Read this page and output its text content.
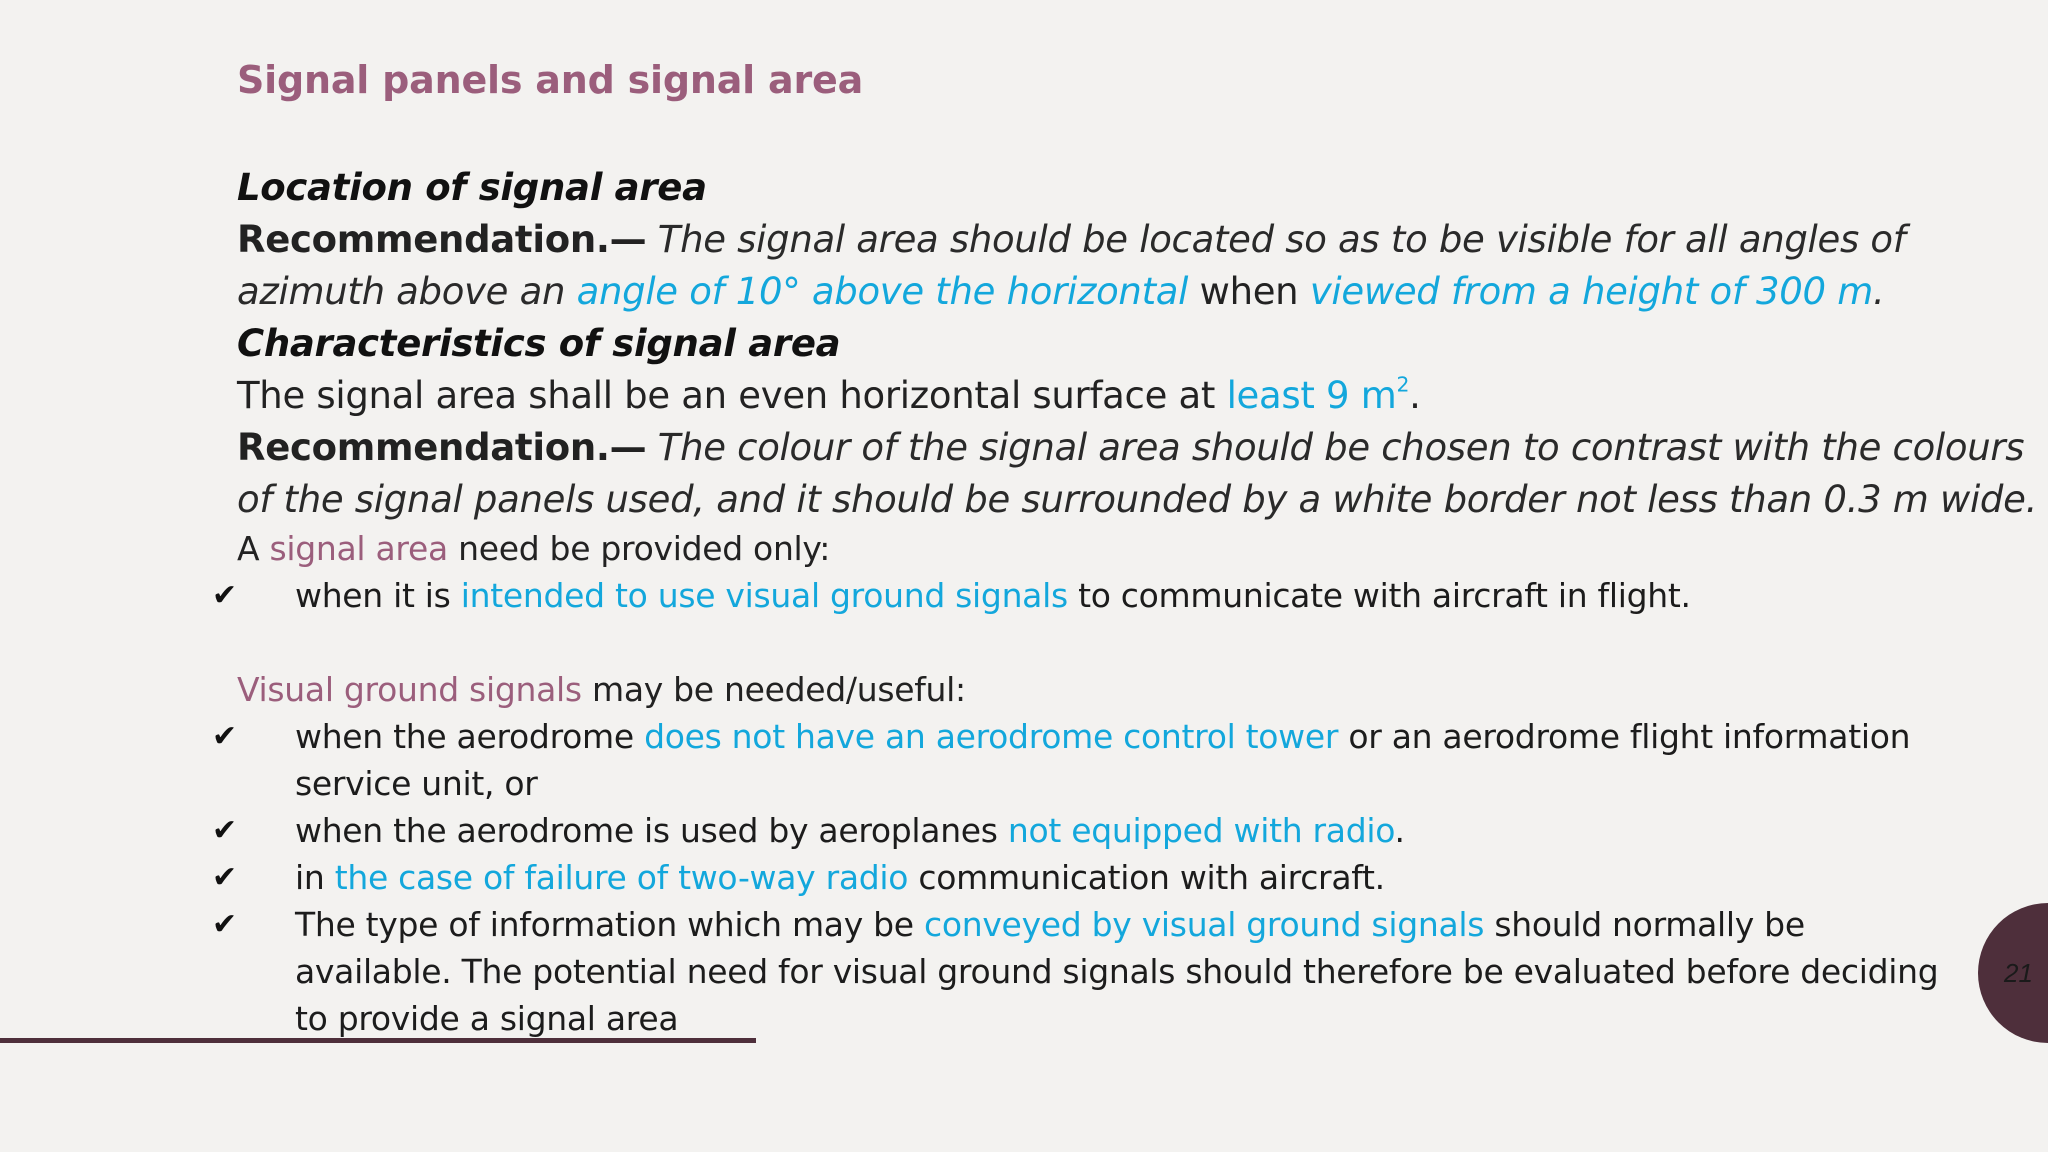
Signal panels and signal area
Location of signal area
Recommendation.— The signal area should be located so as to be visible for all angles of
azimuth above an angle of 10° above the horizontal when viewed from a height of 300 m.
Characteristics of signal area
The signal area shall be an even horizontal surface at least 9 $m^2$.
Recommendation.— The colour of the signal area should be chosen to contrast with the colours
of the signal panels used, and it should be surrounded by a white border not less than 0.3 m wide.
A signal area need be provided only:
✔ when it is intended to use visual ground signals to communicate with aircraft in flight.
Visual ground signals may be needed/useful:
✔ when the aerodrome does not have an aerodrome control tower or an aerodrome flight information
service unit, or
✔ when the aerodrome is used by aeroplanes not equipped with radio.
✔ in the case of failure of two-way radio communication with aircraft.
✔ The type of information which may be conveyed by visual ground signals should normally be
available. The potential need for visual ground signals should therefore be evaluated before deciding
to provide a signal area
21
